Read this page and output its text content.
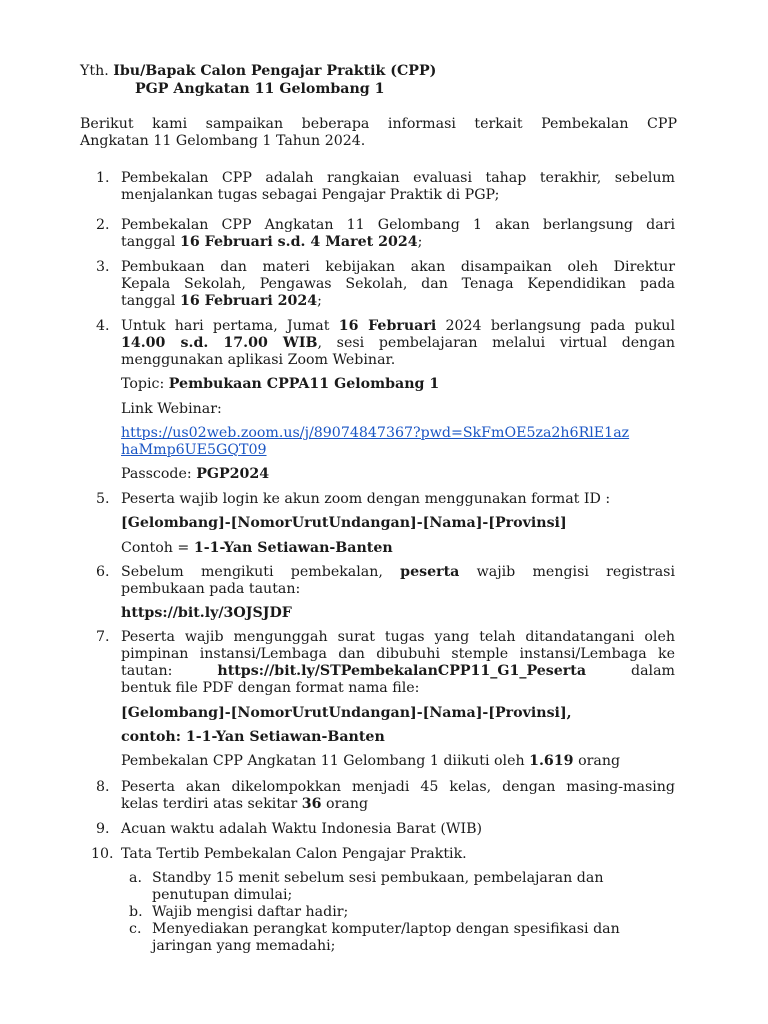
Yth. Ibu/Bapak Calon Pengajar Praktik (CPP)
PGP Angkatan 11 Gelombang 1
Berikut kami sampaikan beberapa informasi terkait Pembekalan CPP
Angkatan 11 Gelombang 1 Tahun 2024.
1. Pembekalan CPP adalah rangkaian evaluasi tahap terakhir, sebelum
menjalankan tugas sebagai Pengajar Praktik di PGP;
2. Pembekalan CPP Angkatan 11 Gelombang 1 akan berlangsung dari
tanggal 16 Februari s.d. 4 Maret 2024;
3. Pembukaan dan materi kebijakan akan disampaikan oleh Direktur
Kepala Sekolah, Pengawas Sekolah, dan Tenaga Kependidikan pada
tanggal 16 Februari 2024;
4. Untuk hari pertama, Jumat 16 Februari 2024 berlangsung pada pukul
14.00 s.d. 17.00 WIB, sesi pembelajaran melalui virtual dengan
menggunakan aplikasi Zoom Webinar.
Topic: Pembukaan CPPA11 Gelombang 1
Link Webinar:
https://us02web.zoom.us/j/89074847367?pwd=SkFmOE5za2h6RlE1az
haMmp6UE5GQT09
Passcode: PGP2024
5. Peserta wajib login ke akun zoom dengan menggunakan format ID :
[Gelombang]-[NomorUrutUndangan]-[Nama]-[Provinsi]
Contoh = 1-1-Yan Setiawan-Banten
6. Sebelum mengikuti pembekalan, peserta wajib mengisi registrasi
pembukaan pada tautan:
https://bit.ly/3OJSJDF
7. Peserta wajib mengunggah surat tugas yang telah ditandatangani oleh
pimpinan instansi/Lembaga dan dibubuhi stemple instansi/Lembaga ke
tautan:	https://bit.ly/STPembekalanCPP11_G1_Peserta	dalam
bentuk file PDF dengan format nama file:
[Gelombang]-[NomorUrutUndangan]-[Nama]-[Provinsi],
contoh: 1-1-Yan Setiawan-Banten
Pembekalan CPP Angkatan 11 Gelombang 1 diikuti oleh 1.619 orang
8. Peserta akan dikelompokkan menjadi 45 kelas, dengan masing-masing
kelas terdiri atas sekitar 36 orang
9. Acuan waktu adalah Waktu Indonesia Barat (WIB)
10. Tata Tertib Pembekalan Calon Pengajar Praktik.
a. Standby 15 menit sebelum sesi pembukaan, pembelajaran dan
penutupan dimulai;
b. Wajib mengisi daftar hadir;
c. Menyediakan perangkat komputer/laptop dengan spesifikasi dan
jaringan yang memadahi;
